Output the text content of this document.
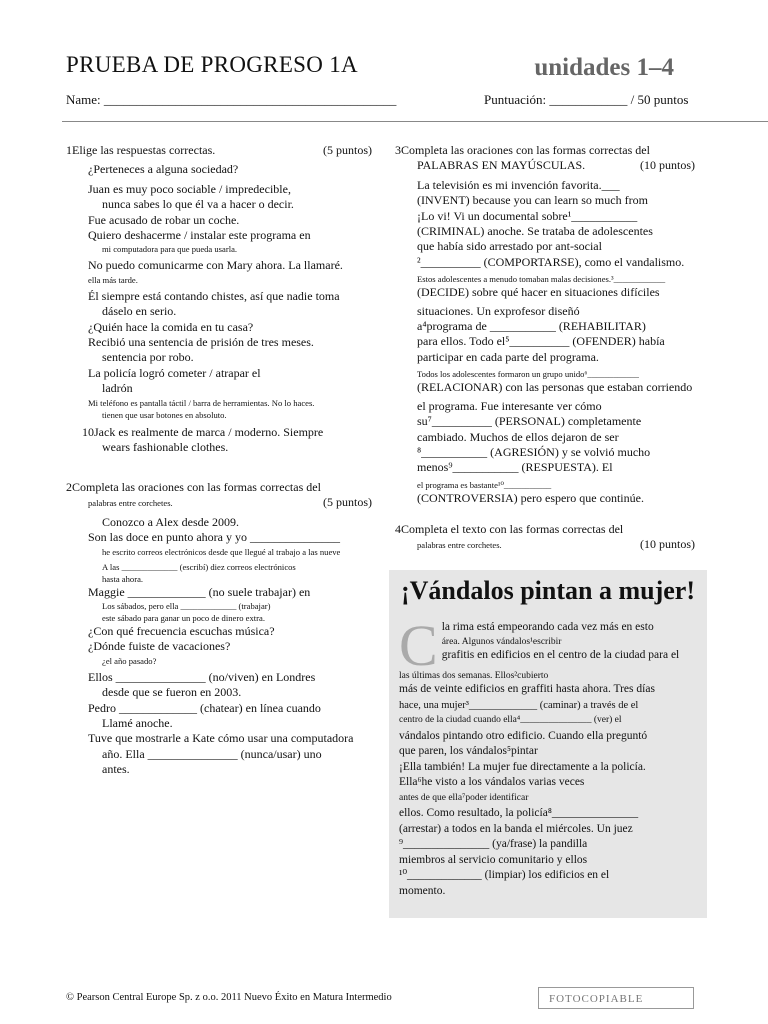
PRUEBA DE PROGRESO 1A	unidades 1–4
Name: _____________________________________________	Puntuación: ____________ / 50 puntos
1Elige las respuestas correctas.	(5 puntos)
¿Perteneces a alguna sociedad?
Juan es muy poco sociable / impredecible,
nunca sabes lo que él va a hacer o decir.
Fue acusado de robar un coche.
Quiero deshacerme / instalar este programa en
mi computadora para que pueda usarla.
No puedo comunicarme con Mary ahora. La llamaré.
ella más tarde.
Él siempre está contando chistes, así que nadie toma
dáselo en serio.
¿Quién hace la comida en tu casa?
Recibió una sentencia de prisión de tres meses.
sentencia por robo.
La policía logró cometer / atrapar el
ladrón
Mi teléfono es pantalla táctil / barra de herramientas. No lo haces.
tienen que usar botones en absoluto.
10Jack es realmente de marca / moderno. Siempre
wears fashionable clothes.
2Completa las oraciones con las formas correctas del
palabras entre corchetes.	(5 puntos)
Conozco a Alex desde 2009.
Son las doce en punto ahora y yo _______________
he escrito correos electrónicos desde que llegué al trabajo a las nueve
A las _____________ (escribí) diez correos electrónicos
hasta ahora.
Maggie _____________ (no suele trabajar) en
Los sábados, pero ella _____________ (trabajar)
este sábado para ganar un poco de dinero extra.
¿Con qué frecuencia escuchas música?
¿Dónde fuiste de vacaciones?
¿el año pasado?
Ellos _______________ (no/viven) en Londres
desde que se fueron en 2003.
Pedro _____________ (chatear) en línea cuando
Llamé anoche.
Tuve que mostrarle a Kate cómo usar una computadora
año. Ella _______________ (nunca/usar) uno
antes.
3Completa las oraciones con las formas correctas del
PALABRAS EN MAYÚSCULAS.	(10 puntos)
La televisión es mi invención favorita.___
(INVENT) because you can learn so much from
¡Lo vi! Vi un documental sobre¹___________
(CRIMINAL) anoche. Se trataba de adolescentes
que había sido arrestado por ant-social
²__________ (COMPORTARSE), como el vandalismo.
Estos adolescentes a menudo tomaban malas decisiones.³____________
(DECIDE) sobre qué hacer en situaciones difíciles
situaciones. Un exprofesor diseñó
a⁴programa de ___________ (REHABILITAR)
para ellos. Todo el⁵__________ (OFENDER) había
participar en cada parte del programa.
Todos los adolescentes formaron un grupo unido⁶____________
(RELACIONAR) con las personas que estaban corriendo
el programa. Fue interesante ver cómo
su⁷__________ (PERSONAL) completamente
cambiado. Muchos de ellos dejaron de ser
⁸___________ (AGRESIÓN) y se volvió mucho
menos⁹___________ (RESPUESTA). El
el programa es bastante¹⁰___________
(CONTROVERSIA) pero espero que continúe.
4Completa el texto con las formas correctas del
palabras entre corchetes.	(10 puntos)
¡Vándalos pintan a mujer!
C la rima está empeorando cada vez más en esto
área. Algunos vándalos¹escribir
grafitis en edificios en el centro de la ciudad para el
las últimas dos semanas. Ellos²cubierto
más de veinte edificios en graffiti hasta ahora. Tres días
hace, una mujer³_____________ (caminar) a través de el
centro de la ciudad cuando ella⁴_______________ (ver) el
vándalos pintando otro edificio. Cuando ella preguntó
que paren, los vándalos⁵pintar
¡Ella también! La mujer fue directamente a la policía.
Ella⁶he visto a los vándalos varias veces
antes de que ella⁷poder identificar
ellos. Como resultado, la policía⁸_______________
(arrestar) a todos en la banda el miércoles. Un juez
⁹_______________ (ya/frase) la pandilla
miembros al servicio comunitario y ellos
¹⁰_____________ (limpiar) los edificios en el
momento.
© Pearson Central Europe Sp. z o.o. 2011 Nuevo Éxito en Matura Intermedio	FOTOCOPIABLE
